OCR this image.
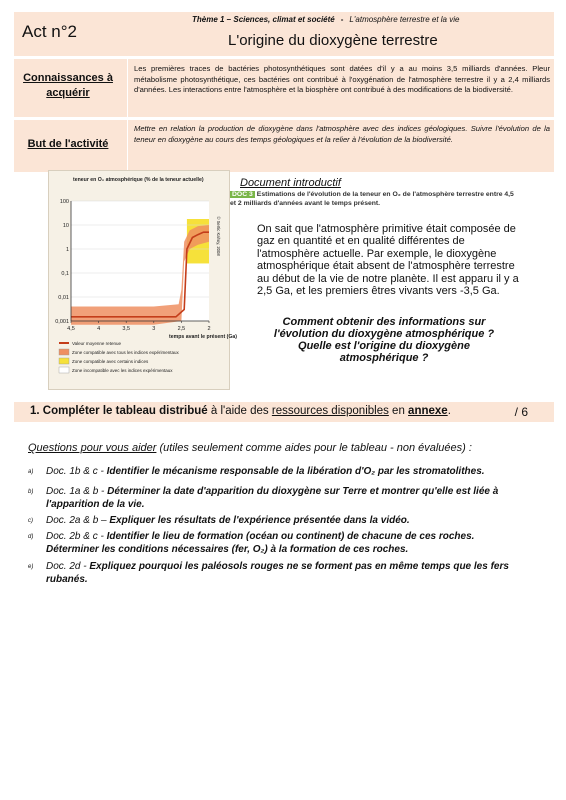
Act n°2
Thème 1 – Sciences, climat et société - L'atmosphère terrestre et la vie
L'origine du dioxygène terrestre
Connaissances à
acquérir
Les premières traces de bactéries photosynthétiques sont datées d'il y a au moins 3,5 milliards d'années. Pleur métabolisme photosynthétique, ces bactéries ont contribué à l'oxygénation de l'atmosphère terrestre il y a 2,4 milliards d'années. Les interactions entre l'atmosphère et la biosphère ont contribué à des modifications de la biodiversité.
But de l'activité
Mettre en relation la production de dioxygène dans l'atmosphère avec des indices géologiques. Suivre l'évolution de la teneur en dioxygène au cours des temps géologiques et la relier à l'évolution de la biodiversité.
100
10
1
0,1
0,01
0,001
4,5	4	3,5	3	2,5	2
teneur en O₂ atmosphérique (% de la teneur actuelle)
temps avant le présent (Ga)
© Sertic Kahoy, 2008
Valeur moyenne retenue
Zone compatible avec tous les indices expérimentaux
Zone compatible avec certains indices
Zone incompatible avec les indices expérimentaux
Document introductif
DOC 3 Estimations de l'évolution de la teneur en O₂ de l'atmosphère terrestre entre 4,5 et 2 milliards d'années avant le temps présent.
On sait que l'atmosphère primitive était composée de gaz en quantité et en qualité différentes de l'atmosphère actuelle. Par exemple, le dioxygène atmosphérique était absent de l'atmosphère terrestre au début de la vie de notre planète. Il est apparu il y a 2,5 Ga, et les premiers êtres vivants vers -3,5 Ga.
Comment obtenir des informations sur l'évolution du dioxygène atmosphérique ? Quelle est l'origine du dioxygène atmosphérique ?
1. Compléter le tableau distribué à l'aide des ressources disponibles en annexe.	/ 6
Questions pour vous aider (utiles seulement comme aides pour le tableau - non évaluées) :
a) Doc. 1b & c - Identifier le mécanisme responsable de la libération d'O₂ par les stromatolithes.
b) Doc. 1a & b - Déterminer la date d'apparition du dioxygène sur Terre et montrer qu'elle est liée à l'apparition de la vie.
c) Doc. 2a & b – Expliquer les résultats de l'expérience présentée dans la vidéo.
d) Doc. 2b & c - Identifier le lieu de formation (océan ou continent) de chacune de ces roches. Déterminer les conditions nécessaires (fer, O₂) à la formation de ces roches.
e) Doc. 2d - Expliquez pourquoi les paléosols rouges ne se forment pas en même temps que les fers rubanés.
